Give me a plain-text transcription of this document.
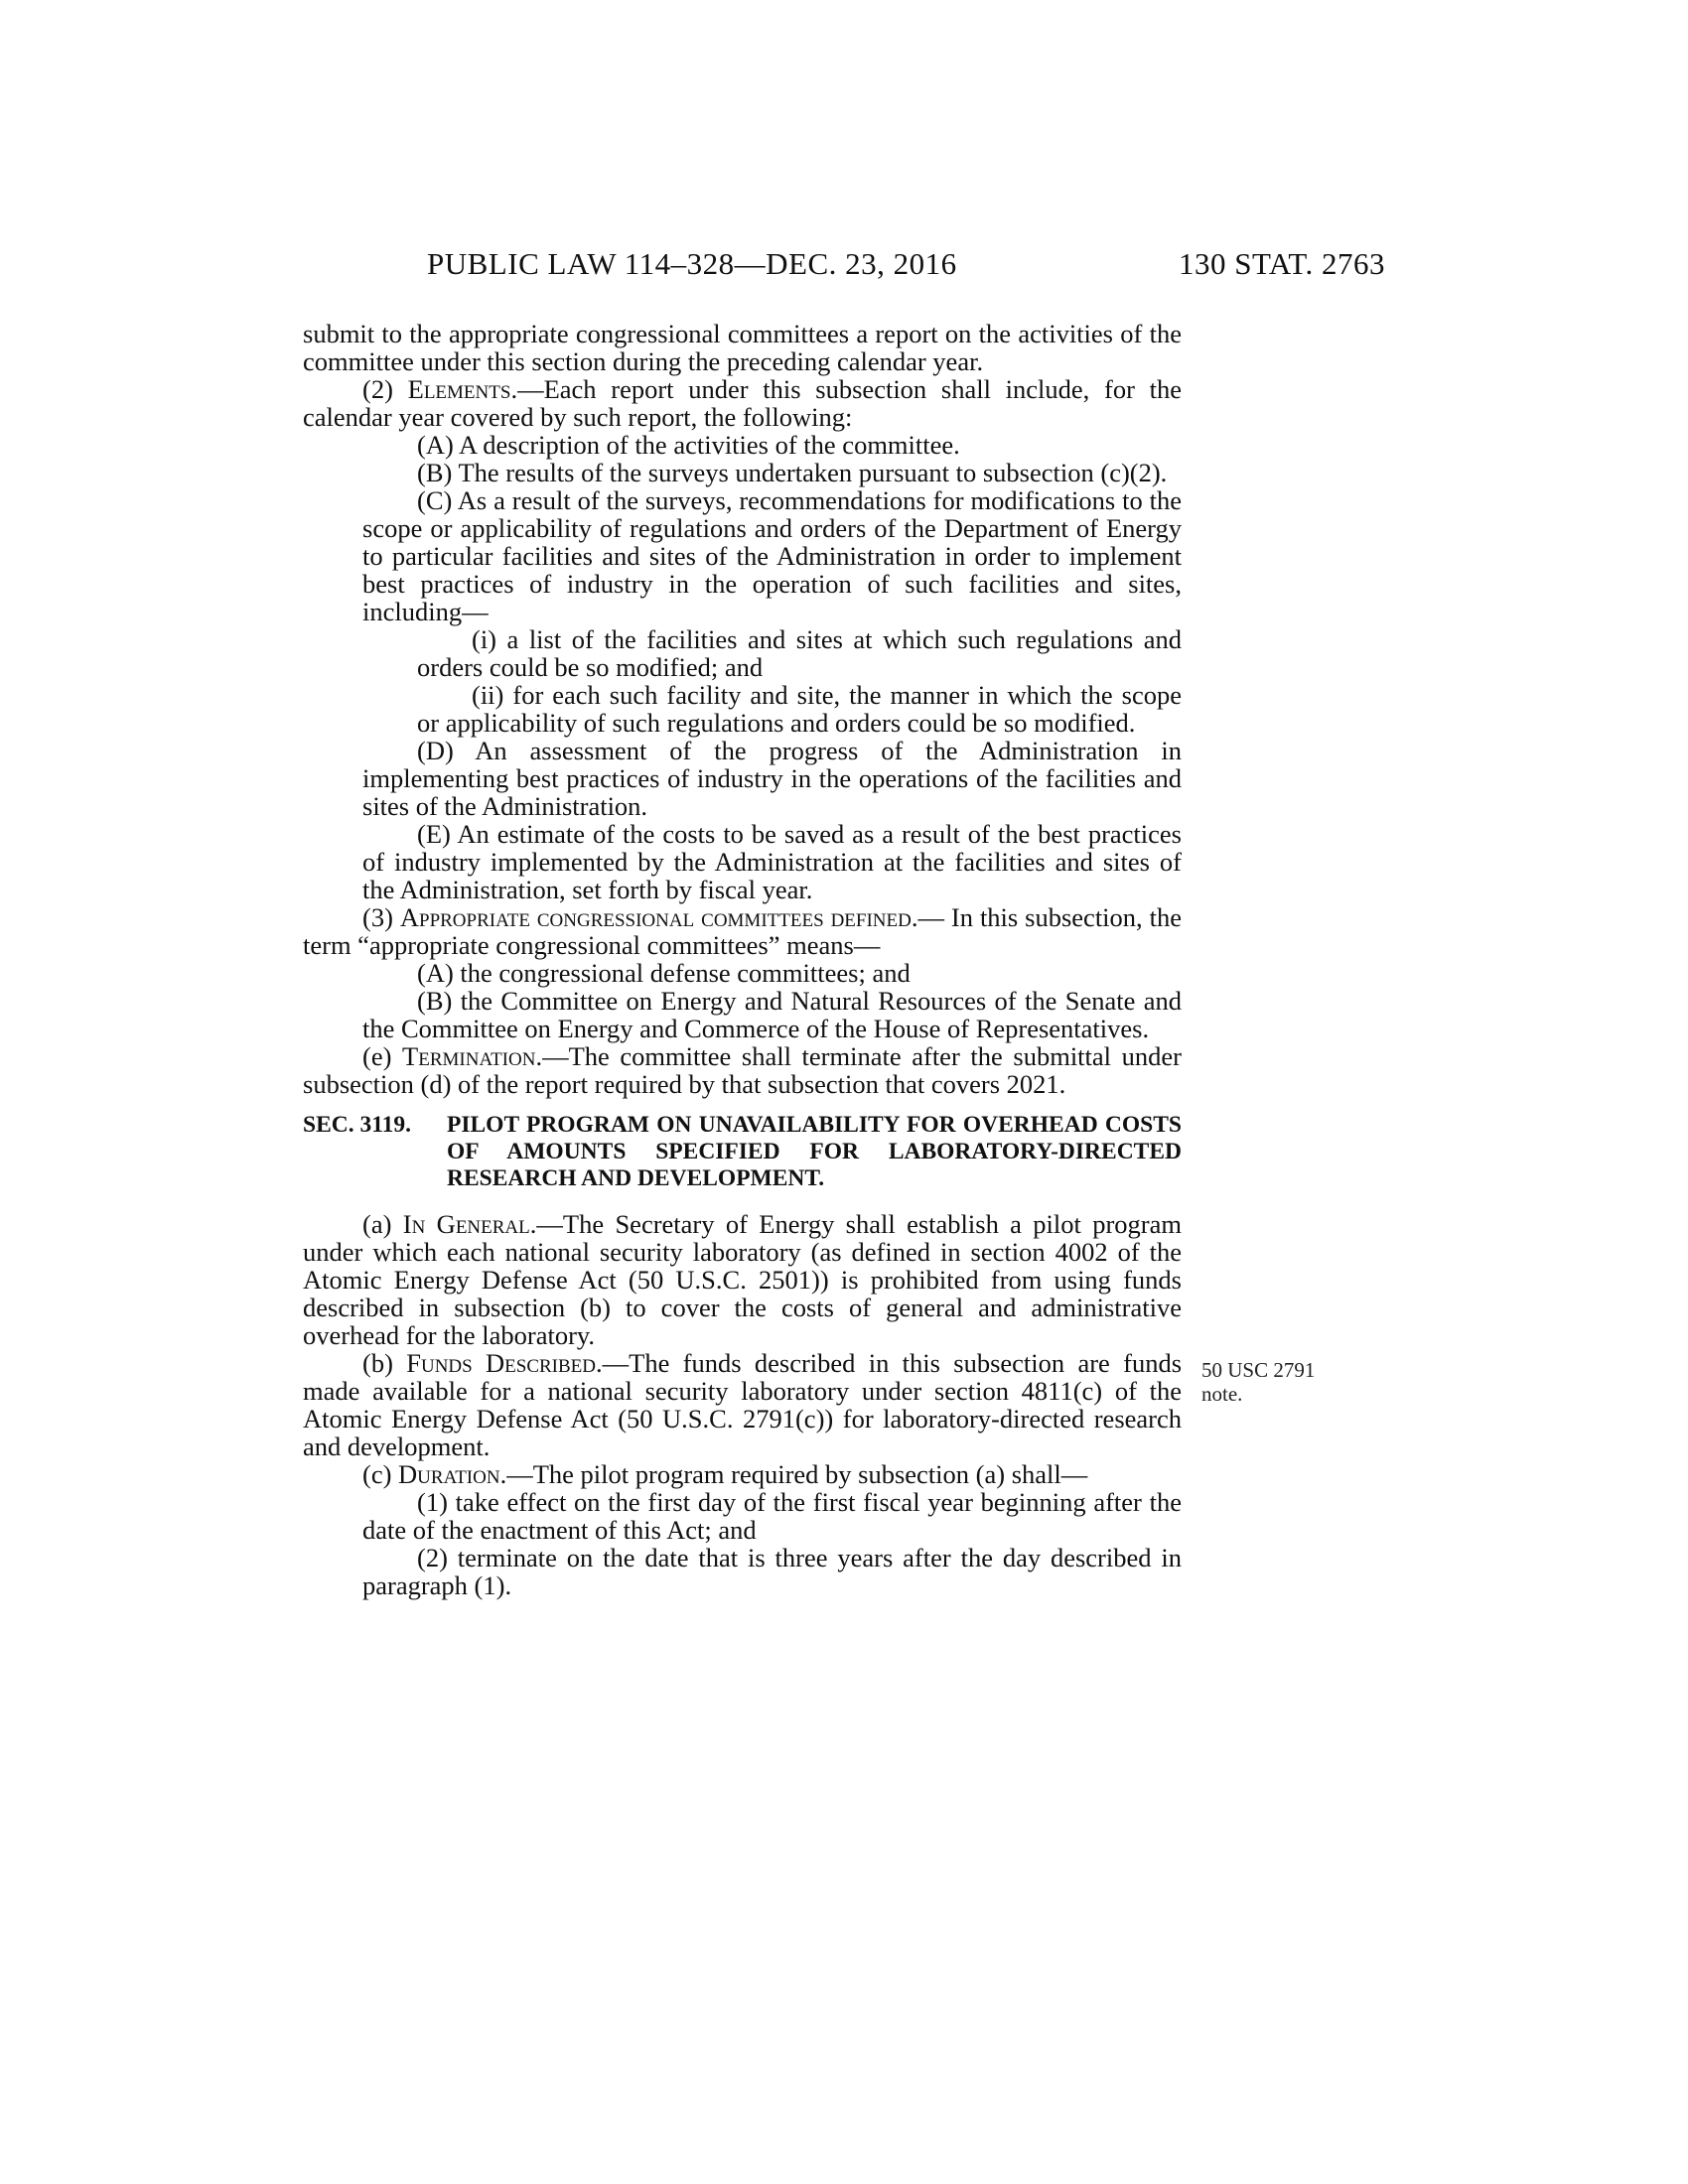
PUBLIC LAW 114–328—DEC. 23, 2016	130 STAT. 2763

submit to the appropriate congressional committees a report on the activities of the committee under this section during the preceding calendar year.

(2) Elements.—Each report under this subsection shall include, for the calendar year covered by such report, the following:

(A) A description of the activities of the committee.

(B) The results of the surveys undertaken pursuant to subsection (c)(2).

(C) As a result of the surveys, recommendations for modifications to the scope or applicability of regulations and orders of the Department of Energy to particular facilities and sites of the Administration in order to implement best practices of industry in the operation of such facilities and sites, including—

(i) a list of the facilities and sites at which such regulations and orders could be so modified; and

(ii) for each such facility and site, the manner in which the scope or applicability of such regulations and orders could be so modified.

(D) An assessment of the progress of the Administration in implementing best practices of industry in the operations of the facilities and sites of the Administration.

(E) An estimate of the costs to be saved as a result of the best practices of industry implemented by the Administration at the facilities and sites of the Administration, set forth by fiscal year.

(3) Appropriate congressional committees defined.— In this subsection, the term “appropriate congressional committees” means—

(A) the congressional defense committees; and

(B) the Committee on Energy and Natural Resources of the Senate and the Committee on Energy and Commerce of the House of Representatives.

(e) Termination.—The committee shall terminate after the submittal under subsection (d) of the report required by that subsection that covers 2021.

SEC. 3119.	PILOT PROGRAM ON UNAVAILABILITY FOR OVERHEAD COSTS OF AMOUNTS SPECIFIED FOR LABORATORY-DIRECTED RESEARCH AND DEVELOPMENT.

(a) In General.—The Secretary of Energy shall establish a pilot program under which each national security laboratory (as defined in section 4002 of the Atomic Energy Defense Act (50 U.S.C. 2501)) is prohibited from using funds described in subsection (b) to cover the costs of general and administrative overhead for the laboratory.

(b) Funds Described.—The funds described in this subsection are funds made available for a national security laboratory under section 4811(c) of the Atomic Energy Defense Act (50 U.S.C. 2791(c)) for laboratory-directed research and development.

(c) Duration.—The pilot program required by subsection (a) shall—

(1) take effect on the first day of the first fiscal year beginning after the date of the enactment of this Act; and

(2) terminate on the date that is three years after the day described in paragraph (1).

50 USC 2791
note.
